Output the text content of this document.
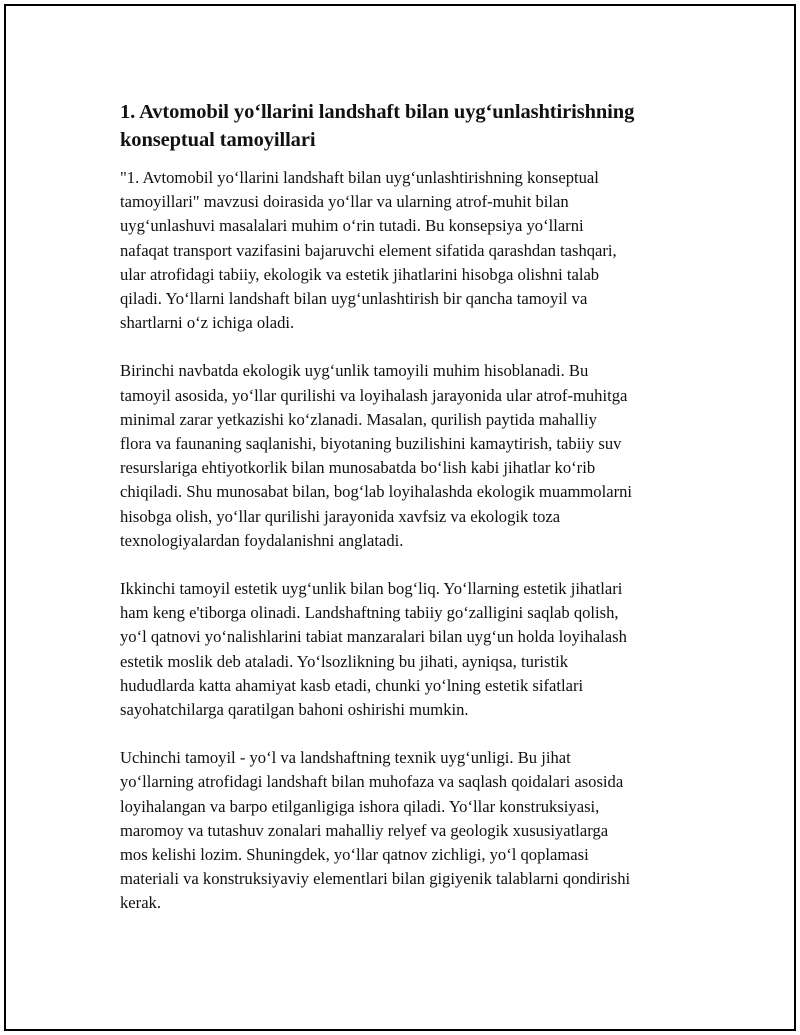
1. Avtomobil yo‘llarini landshaft bilan uyg‘unlashtirishning konseptual tamoyillari

"1. Avtomobil yo‘llarini landshaft bilan uyg‘unlashtirishning konseptual
tamoyillari" mavzusi doirasida yo‘llar va ularning atrof-muhit bilan
uyg‘unlashuvi masalalari muhim o‘rin tutadi. Bu konsepsiya yo‘llarni
nafaqat transport vazifasini bajaruvchi element sifatida qarashdan tashqari,
ular atrofidagi tabiiy, ekologik va estetik jihatlarini hisobga olishni talab
qiladi. Yo‘llarni landshaft bilan uyg‘unlashtirish bir qancha tamoyil va
shartlarni o‘z ichiga oladi.

Birinchi navbatda ekologik uyg‘unlik tamoyili muhim hisoblanadi. Bu
tamoyil asosida, yo‘llar qurilishi va loyihalash jarayonida ular atrof-muhitga
minimal zarar yetkazishi ko‘zlanadi. Masalan, qurilish paytida mahalliy
flora va faunaning saqlanishi, biyotaning buzilishini kamaytirish, tabiiy suv
resurslariga ehtiyotkorlik bilan munosabatda bo‘lish kabi jihatlar ko‘rib
chiqiladi. Shu munosabat bilan, bog‘lab loyihalashda ekologik muammolarni
hisobga olish, yo‘llar qurilishi jarayonida xavfsiz va ekologik toza
texnologiyalardan foydalanishni anglatadi.

Ikkinchi tamoyil estetik uyg‘unlik bilan bog‘liq. Yo‘llarning estetik jihatlari
ham keng e'tiborga olinadi. Landshaftning tabiiy go‘zalligini saqlab qolish,
yo‘l qatnovi yo‘nalishlarini tabiat manzaralari bilan uyg‘un holda loyihalash
estetik moslik deb ataladi. Yo‘lsozlikning bu jihati, ayniqsa, turistik
hududlarda katta ahamiyat kasb etadi, chunki yo‘lning estetik sifatlari
sayohatchilarga qaratilgan bahoni oshirishi mumkin.

Uchinchi tamoyil - yo‘l va landshaftning texnik uyg‘unligi. Bu jihat
yo‘llarning atrofidagi landshaft bilan muhofaza va saqlash qoidalari asosida
loyihalangan va barpo etilganligiga ishora qiladi. Yo‘llar konstruksiyasi,
maromoy va tutashuv zonalari mahalliy relyef va geologik xususiyatlarga
mos kelishi lozim. Shuningdek, yo‘llar qatnov zichligi, yo‘l qoplamasi
materiali va konstruksiyaviy elementlari bilan gigiyenik talablarni qondirishi
kerak.
